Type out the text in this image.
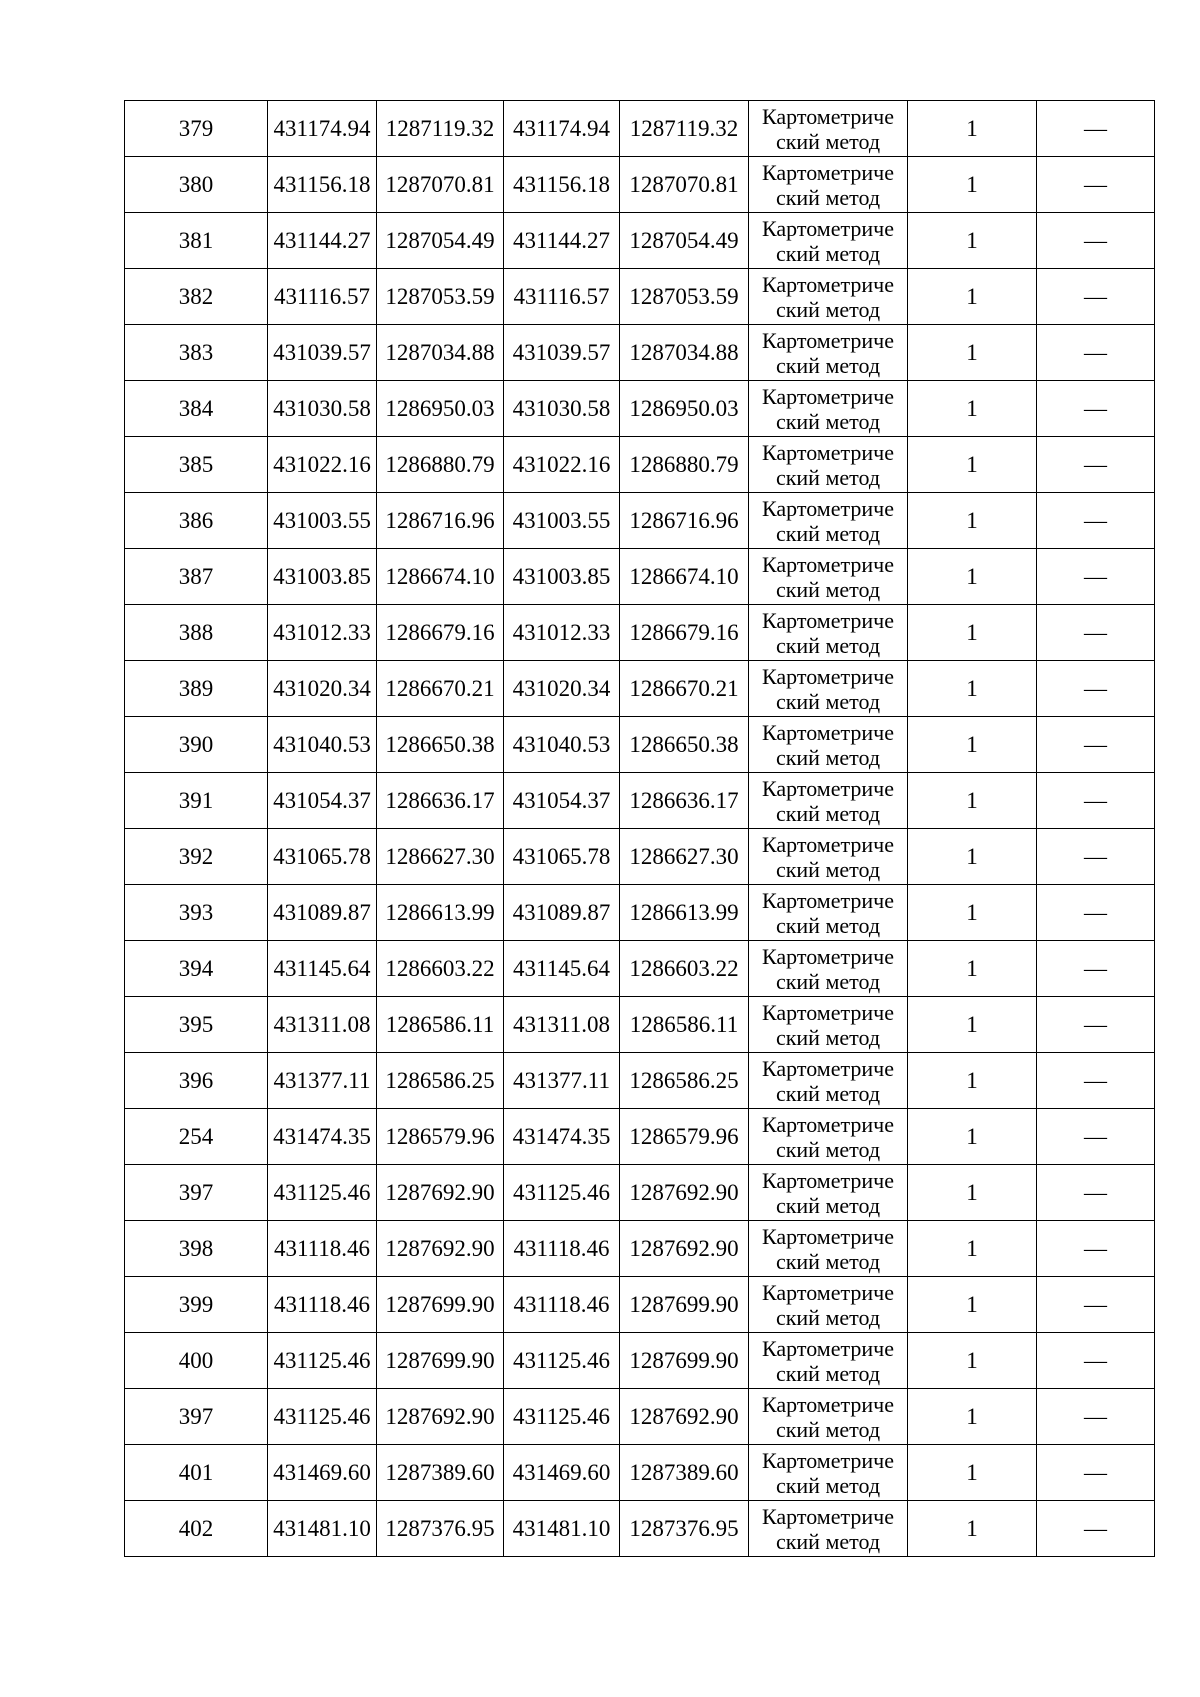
379	431174.94	1287119.32	431174.94	1287119.32	Картометриче
ский метод	1	—
380	431156.18	1287070.81	431156.18	1287070.81	Картометриче
ский метод	1	—
381	431144.27	1287054.49	431144.27	1287054.49	Картометриче
ский метод	1	—
382	431116.57	1287053.59	431116.57	1287053.59	Картометриче
ский метод	1	—
383	431039.57	1287034.88	431039.57	1287034.88	Картометриче
ский метод	1	—
384	431030.58	1286950.03	431030.58	1286950.03	Картометриче
ский метод	1	—
385	431022.16	1286880.79	431022.16	1286880.79	Картометриче
ский метод	1	—
386	431003.55	1286716.96	431003.55	1286716.96	Картометриче
ский метод	1	—
387	431003.85	1286674.10	431003.85	1286674.10	Картометриче
ский метод	1	—
388	431012.33	1286679.16	431012.33	1286679.16	Картометриче
ский метод	1	—
389	431020.34	1286670.21	431020.34	1286670.21	Картометриче
ский метод	1	—
390	431040.53	1286650.38	431040.53	1286650.38	Картометриче
ский метод	1	—
391	431054.37	1286636.17	431054.37	1286636.17	Картометриче
ский метод	1	—
392	431065.78	1286627.30	431065.78	1286627.30	Картометриче
ский метод	1	—
393	431089.87	1286613.99	431089.87	1286613.99	Картометриче
ский метод	1	—
394	431145.64	1286603.22	431145.64	1286603.22	Картометриче
ский метод	1	—
395	431311.08	1286586.11	431311.08	1286586.11	Картометриче
ский метод	1	—
396	431377.11	1286586.25	431377.11	1286586.25	Картометриче
ский метод	1	—
254	431474.35	1286579.96	431474.35	1286579.96	Картометриче
ский метод	1	—
397	431125.46	1287692.90	431125.46	1287692.90	Картометриче
ский метод	1	—
398	431118.46	1287692.90	431118.46	1287692.90	Картометриче
ский метод	1	—
399	431118.46	1287699.90	431118.46	1287699.90	Картометриче
ский метод	1	—
400	431125.46	1287699.90	431125.46	1287699.90	Картометриче
ский метод	1	—
397	431125.46	1287692.90	431125.46	1287692.90	Картометриче
ский метод	1	—
401	431469.60	1287389.60	431469.60	1287389.60	Картометриче
ский метод	1	—
402	431481.10	1287376.95	431481.10	1287376.95	Картометриче
ский метод	1	—
